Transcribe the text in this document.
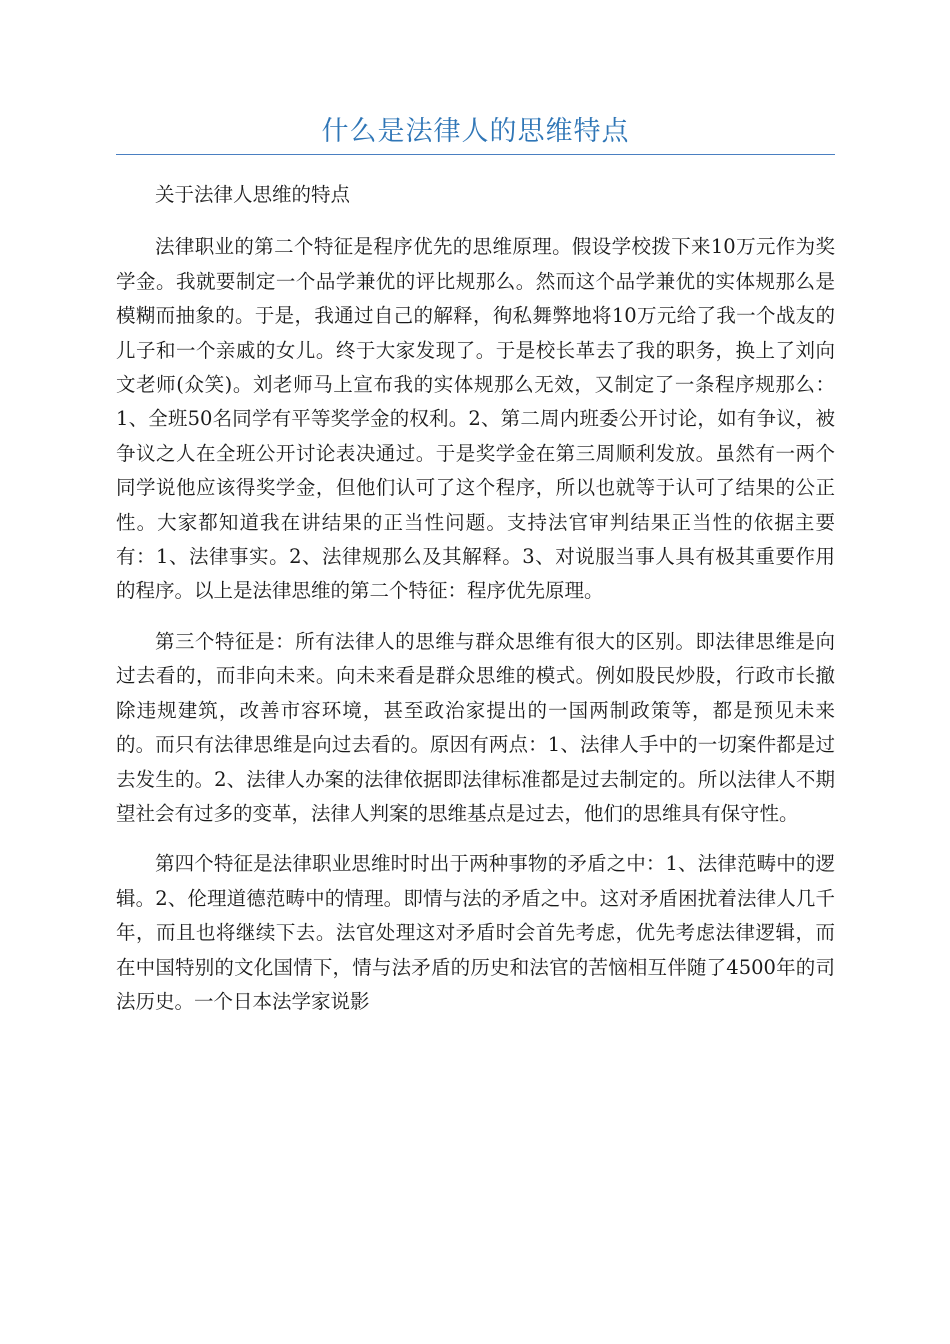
什么是法律人的思维特点

关于法律人思维的特点

法律职业的第二个特征是程序优先的思维原理。假设学校拨下来10万元作为奖学金。我就要制定一个品学兼优的评比规那么。然而这个品学兼优的实体规那么是模糊而抽象的。于是，我通过自己的解释，徇私舞弊地将10万元给了我一个战友的儿子和一个亲戚的女儿。终于大家发现了。于是校长革去了我的职务，换上了刘向文老师(众笑)。刘老师马上宣布我的实体规那么无效，又制定了一条程序规那么：1、全班50名同学有平等奖学金的权利。2、第二周内班委公开讨论，如有争议，被争议之人在全班公开讨论表决通过。于是奖学金在第三周顺利发放。虽然有一两个同学说他应该得奖学金，但他们认可了这个程序，所以也就等于认可了结果的公正性。大家都知道我在讲结果的正当性问题。支持法官审判结果正当性的依据主要有：1、法律事实。2、法律规那么及其解释。3、对说服当事人具有极其重要作用的程序。以上是法律思维的第二个特征：程序优先原理。

第三个特征是：所有法律人的思维与群众思维有很大的区别。即法律思维是向过去看的，而非向未来。向未来看是群众思维的模式。例如股民炒股，行政市长撤除违规建筑，改善市容环境，甚至政治家提出的一国两制政策等，都是预见未来的。而只有法律思维是向过去看的。原因有两点：1、法律人手中的一切案件都是过去发生的。2、法律人办案的法律依据即法律标准都是过去制定的。所以法律人不期望社会有过多的变革，法律人判案的思维基点是过去，他们的思维具有保守性。

第四个特征是法律职业思维时时出于两种事物的矛盾之中：1、法律范畴中的逻辑。2、伦理道德范畴中的情理。即情与法的矛盾之中。这对矛盾困扰着法律人几千年，而且也将继续下去。法官处理这对矛盾时会首先考虑，优先考虑法律逻辑，而在中国特别的文化国情下，情与法矛盾的历史和法官的苦恼相互伴随了4500年的司法历史。一个日本法学家说影
